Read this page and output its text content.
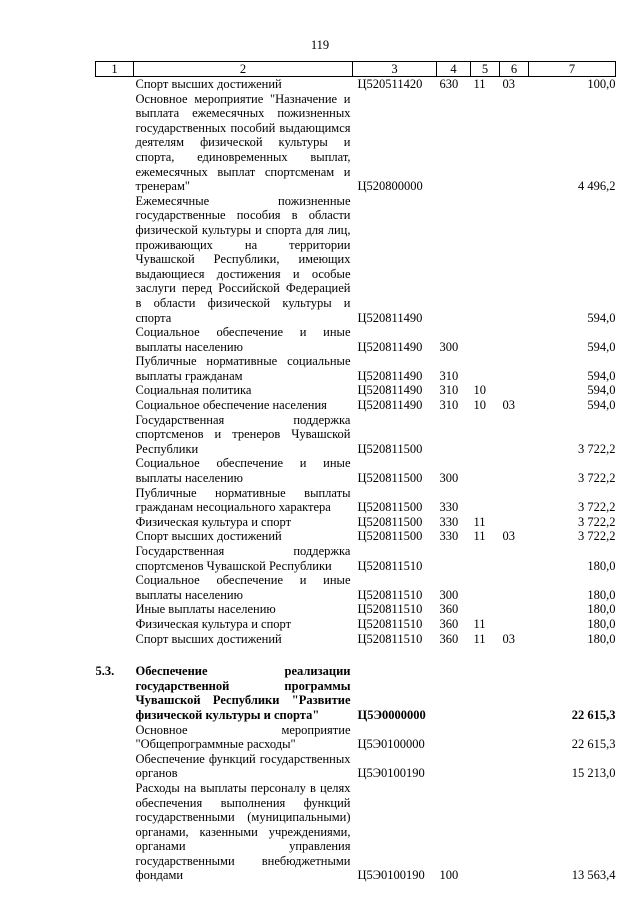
119
1	2	3	4	5	6	7
	Спорт высших достижений	Ц520511420	630	11	03	100,0
	Основное мероприятие "Назначение и выплата ежемесячных пожизненных государственных пособий выдающимся деятелям физической культуры и спорта, единовременных выплат, ежемесячных выплат спортсменам и тренерам"	Ц520800000				4 496,2
	Ежемесячные пожизненные государственные пособия в области физической культуры и спорта для лиц, проживающих на территории Чувашской Республики, имеющих выдающиеся достижения и особые заслуги перед Российской Федерацией в области физической культуры и спорта	Ц520811490				594,0
	Социальное обеспечение и иные выплаты населению	Ц520811490	300			594,0
	Публичные нормативные социальные выплаты гражданам	Ц520811490	310			594,0
	Социальная политика	Ц520811490	310	10		594,0
	Социальное обеспечение населения	Ц520811490	310	10	03	594,0
	Государственная поддержка спортсменов и тренеров Чувашской Республики	Ц520811500				3 722,2
	Социальное обеспечение и иные выплаты населению	Ц520811500	300			3 722,2
	Публичные нормативные выплаты гражданам несоциального характера	Ц520811500	330			3 722,2
	Физическая культура и спорт	Ц520811500	330	11		3 722,2
	Спорт высших достижений	Ц520811500	330	11	03	3 722,2
	Государственная поддержка спортсменов Чувашской Республики	Ц520811510				180,0
	Социальное обеспечение и иные выплаты населению	Ц520811510	300			180,0
	Иные выплаты населению	Ц520811510	360			180,0
	Физическая культура и спорт	Ц520811510	360	11		180,0
	Спорт высших достижений	Ц520811510	360	11	03	180,0

5.3.	Обеспечение реализации государственной программы Чувашской Республики "Развитие физической культуры и спорта"	Ц5Э0000000				22 615,3
	Основное мероприятие "Общепрограммные расходы"	Ц5Э0100000				22 615,3
	Обеспечение функций государственных органов	Ц5Э0100190				15 213,0
	Расходы на выплаты персоналу в целях обеспечения выполнения функций государственными (муниципальными) органами, казенными учреждениями, органами управления государственными внебюджетными фондами	Ц5Э0100190	100			13 563,4
